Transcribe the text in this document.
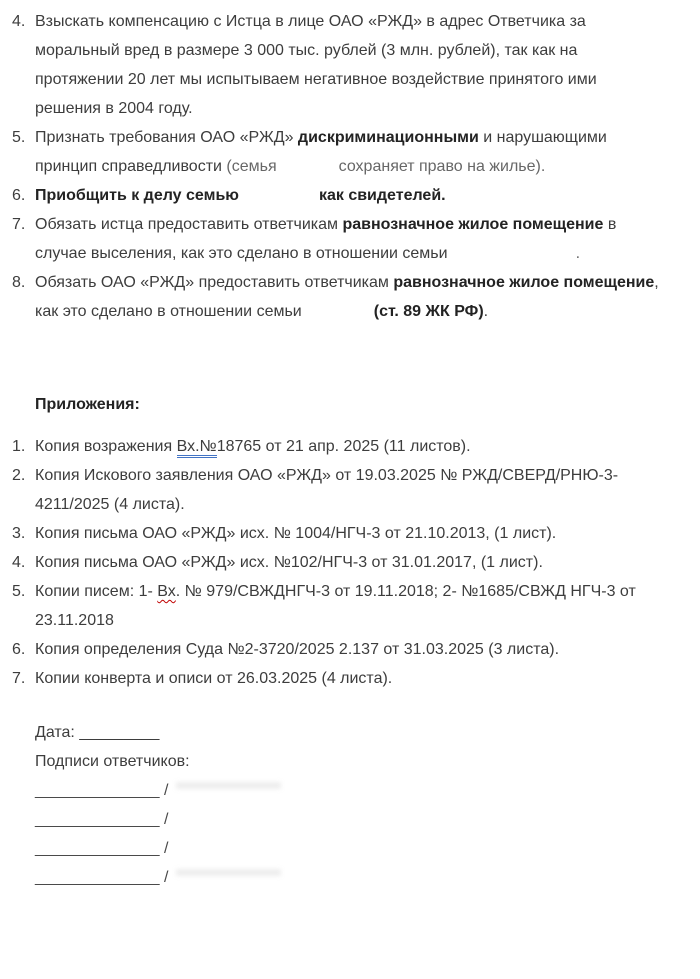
4. Взыскать компенсацию с Истца в лице ОАО «РЖД» в адрес Ответчика за моральный вред в размере 3 000 тыс. рублей (3 млн. рублей), так как на протяжении 20 лет мы испытываем негативное воздействие принятого ими решения в 2004 году.
5. Признать требования ОАО «РЖД» дискриминационными и нарушающими принцип справедливости (семья	сохраняет право на жилье).
6. Приобщить к делу семью	как свидетелей.
7. Обязать истца предоставить ответчикам равнозначное жилое помещение в случае выселения, как это сделано в отношении семьи	.
8. Обязать ОАО «РЖД» предоставить ответчикам равнозначное жилое помещение, как это сделано в отношении семьи	(ст. 89 ЖК РФ).
Приложения:
1. Копия возражения Вх.№18765 от 21 апр. 2025 (11 листов).
2. Копия Искового заявления ОАО «РЖД» от 19.03.2025 № РЖД/СВЕРД/РНЮ-3-4211/2025 (4 листа).
3. Копия письма ОАО «РЖД» исх. № 1004/НГЧ-3 от 21.10.2013, (1 лист).
4. Копия письма ОАО «РЖД» исх. №102/НГЧ-3 от 31.01.2017, (1 лист).
5. Копии писем: 1- Вх. № 979/СВЖДНГЧ-3 от 19.11.2018; 2- №1685/СВЖД НГЧ-3 от 23.11.2018
6. Копия определения Суда №2-3720/2025 2.137 от 31.03.2025 (3 листа).
7. Копии конверта и описи от 26.03.2025 (4 листа).
Дата: _________
Подписи ответчиков:
______________ /
______________ /
______________ /
______________ /
